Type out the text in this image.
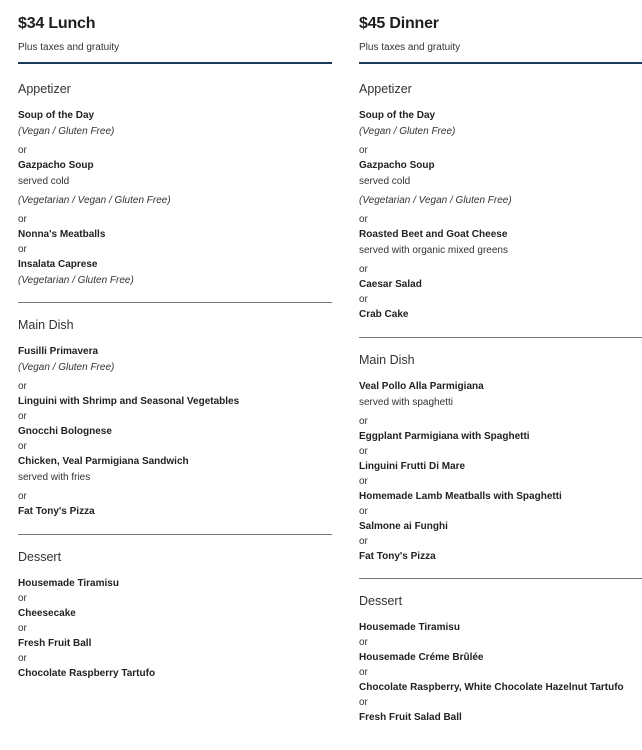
$34 Lunch
Plus taxes and gratuity
Appetizer
Soup of the Day
(Vegan / Gluten Free)
or
Gazpacho Soup
served cold
(Vegetarian / Vegan / Gluten Free)
or
Nonna's Meatballs
or
Insalata Caprese
(Vegetarian / Gluten Free)
Main Dish
Fusilli Primavera
(Vegan / Gluten Free)
or
Linguini with Shrimp and Seasonal Vegetables
or
Gnocchi Bolognese
or
Chicken, Veal Parmigiana Sandwich
served with fries
or
Fat Tony's Pizza
Dessert
Housemade Tiramisu
or
Cheesecake
or
Fresh Fruit Ball
or
Chocolate Raspberry Tartufo
$45 Dinner
Plus taxes and gratuity
Appetizer
Soup of the Day
(Vegan / Gluten Free)
or
Gazpacho Soup
served cold
(Vegetarian / Vegan / Gluten Free)
or
Roasted Beet and Goat Cheese
served with organic mixed greens
or
Caesar Salad
or
Crab Cake
Main Dish
Veal Pollo Alla Parmigiana
served with spaghetti
or
Eggplant Parmigiana with Spaghetti
or
Linguini Frutti Di Mare
or
Homemade Lamb Meatballs with Spaghetti
or
Salmone ai Funghi
or
Fat Tony's Pizza
Dessert
Housemade Tiramisu
or
Housemade Créme Brûlée
or
Chocolate Raspberry, White Chocolate Hazelnut Tartufo
or
Fresh Fruit Salad Ball
